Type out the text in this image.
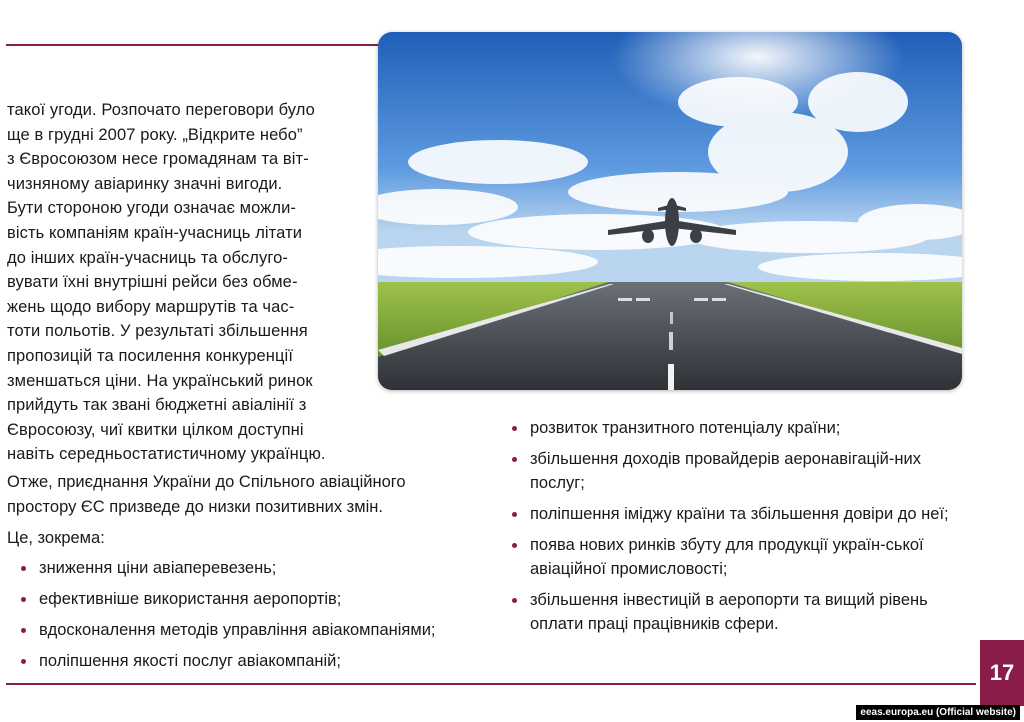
такої угоди. Розпочато переговори було

ще в грудні 2007 року. „Відкрите небо”

з Євросоюзом несе громадянам та віт-

чизняному авіаринку значні вигоди.

Бути стороною угоди означає можли-

вість компаніям країн-учасниць літати

до інших країн-учасниць та обслуго-

вувати їхні внутрішні рейси без обме-

жень щодо вибору маршрутів та час-

тоти польотів. У результаті збільшення

пропозицій та посилення конкуренції

зменшаться ціни. На український ринок

прийдуть так звані бюджетні авіалінії з

Євросоюзу, чиї квитки цілком доступні

навіть середньостатистичному українцю.

Отже, приєднання України до Спільного авіаційного простору ЄС призведе до низки позитивних змін.

Це, зокрема:

зниження ціни авіаперевезень;
ефективніше використання аеропортів;
вдосконалення методів управління авіакомпаніями;
поліпшення якості послуг авіакомпаній;
розвиток транзитного потенціалу країни;
збільшення доходів провайдерів аеронавігацій-них послуг;
поліпшення іміджу країни та збільшення довіри до неї;
поява нових ринків збуту для продукції україн-ської авіаційної промисловості;
збільшення інвестицій в аеропорти та вищий рівень оплати праці працівників сфери.
17
eeas.europa.eu (Official website)
